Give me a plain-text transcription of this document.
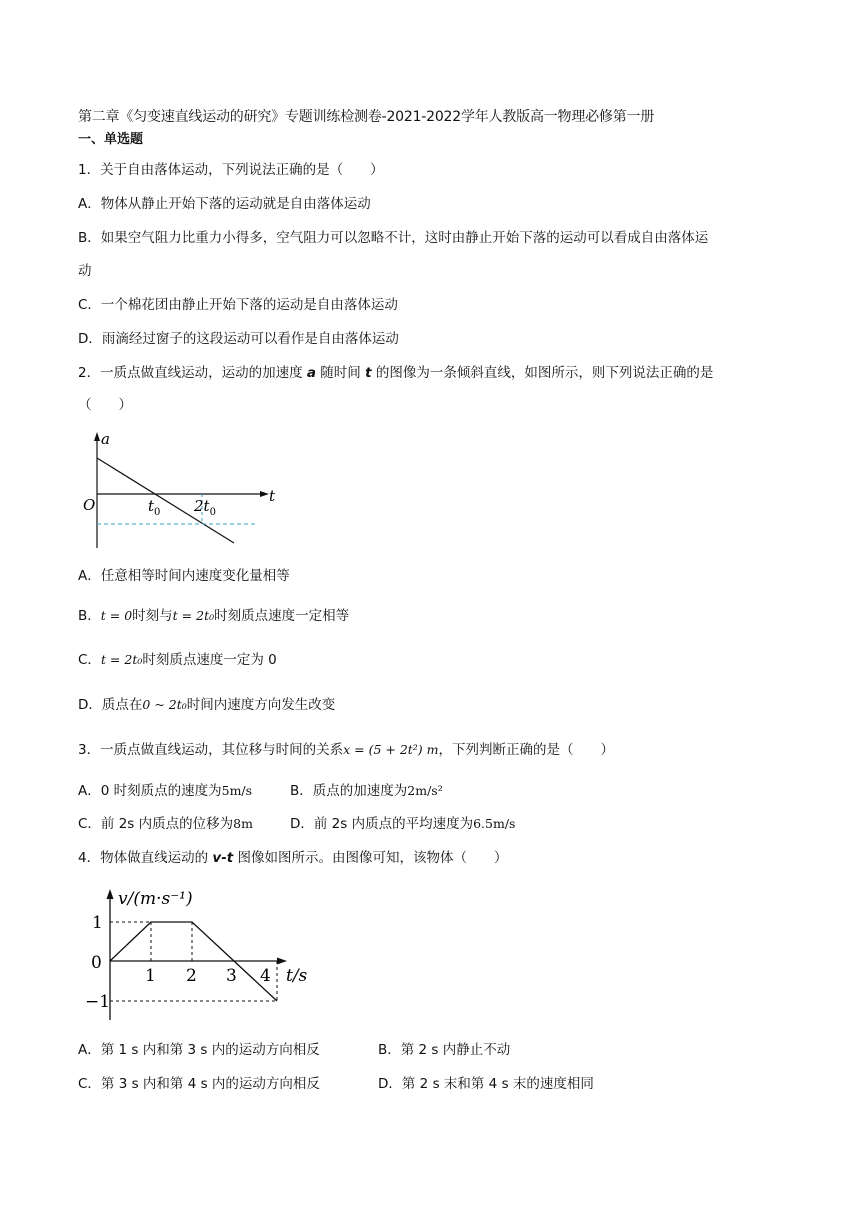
第二章《匀变速直线运动的研究》专题训练检测卷-2021-2022学年人教版高一物理必修第一册
一、单选题
1．关于自由落体运动，下列说法正确的是（　　）
A．物体从静止开始下落的运动就是自由落体运动
B．如果空气阻力比重力小得多，空气阻力可以忽略不计，这时由静止开始下落的运动可以看成自由落体运
动
C．一个棉花团由静止开始下落的运动是自由落体运动
D．雨滴经过窗子的这段运动可以看作是自由落体运动
2．一质点做直线运动，运动的加速度 a 随时间 t 的图像为一条倾斜直线，如图所示，则下列说法正确的是
（　　）
a
t
O	$t_0$ $2t_0$
A．任意相等时间内速度变化量相等
B．t = 0时刻与t = 2t₀时刻质点速度一定相等
C．t = 2t₀时刻质点速度一定为 0
D．质点在0 ~ 2t₀时间内速度方向发生改变
3．一质点做直线运动，其位移与时间的关系x = (5 + 2t²) m，下列判断正确的是（　　）
A．0 时刻质点的速度为5m/s	B．质点的加速度为2m/s²
C．前 2s 内质点的位移为8m	D．前 2s 内质点的平均速度为6.5m/s
4．物体做直线运动的 v-t 图像如图所示。由图像可知，该物体（　　）
v/(m·s⁻¹)
t/s
1
0
−1
1 2 3 4
A．第 1 s 内和第 3 s 内的运动方向相反	B．第 2 s 内静止不动
C．第 3 s 内和第 4 s 内的运动方向相反	D．第 2 s 末和第 4 s 末的速度相同
